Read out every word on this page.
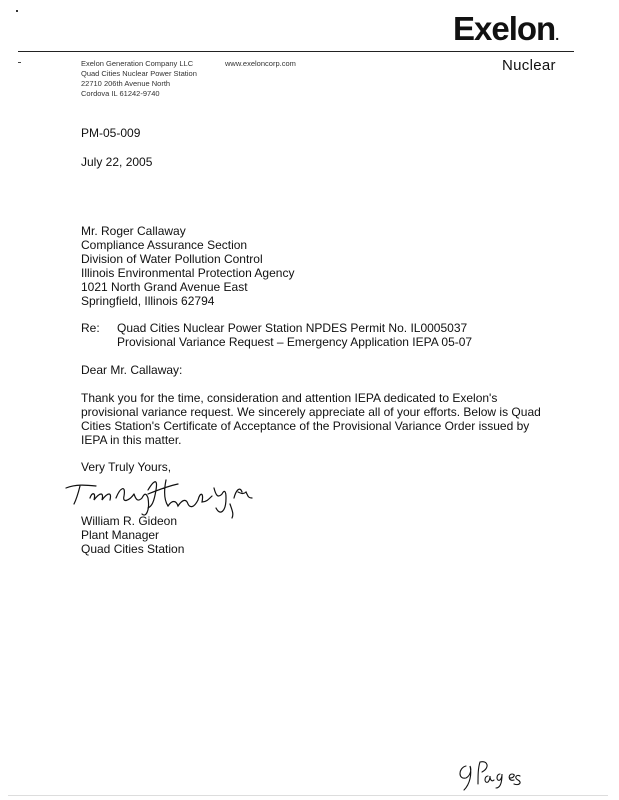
Exelon.
Nuclear
Exelon Generation Company LLC
Quad Cities Nuclear Power Station
22710 206th Avenue North
Cordova IL 61242-9740
www.exeloncorp.com
PM-05-009
July 22, 2005
Mr. Roger Callaway
Compliance Assurance Section
Division of Water Pollution Control
Illinois Environmental Protection Agency
1021 North Grand Avenue East
Springfield, Illinois 62794
Re: Quad Cities Nuclear Power Station NPDES Permit No. IL0005037
Provisional Variance Request – Emergency Application IEPA 05-07
Dear Mr. Callaway:
Thank you for the time, consideration and attention IEPA dedicated to Exelon's
provisional variance request. We sincerely appreciate all of your efforts. Below is Quad
Cities Station's Certificate of Acceptance of the Provisional Variance Order issued by
IEPA in this matter.
Very Truly Yours,
William R. Gideon
Plant Manager
Quad Cities Station
